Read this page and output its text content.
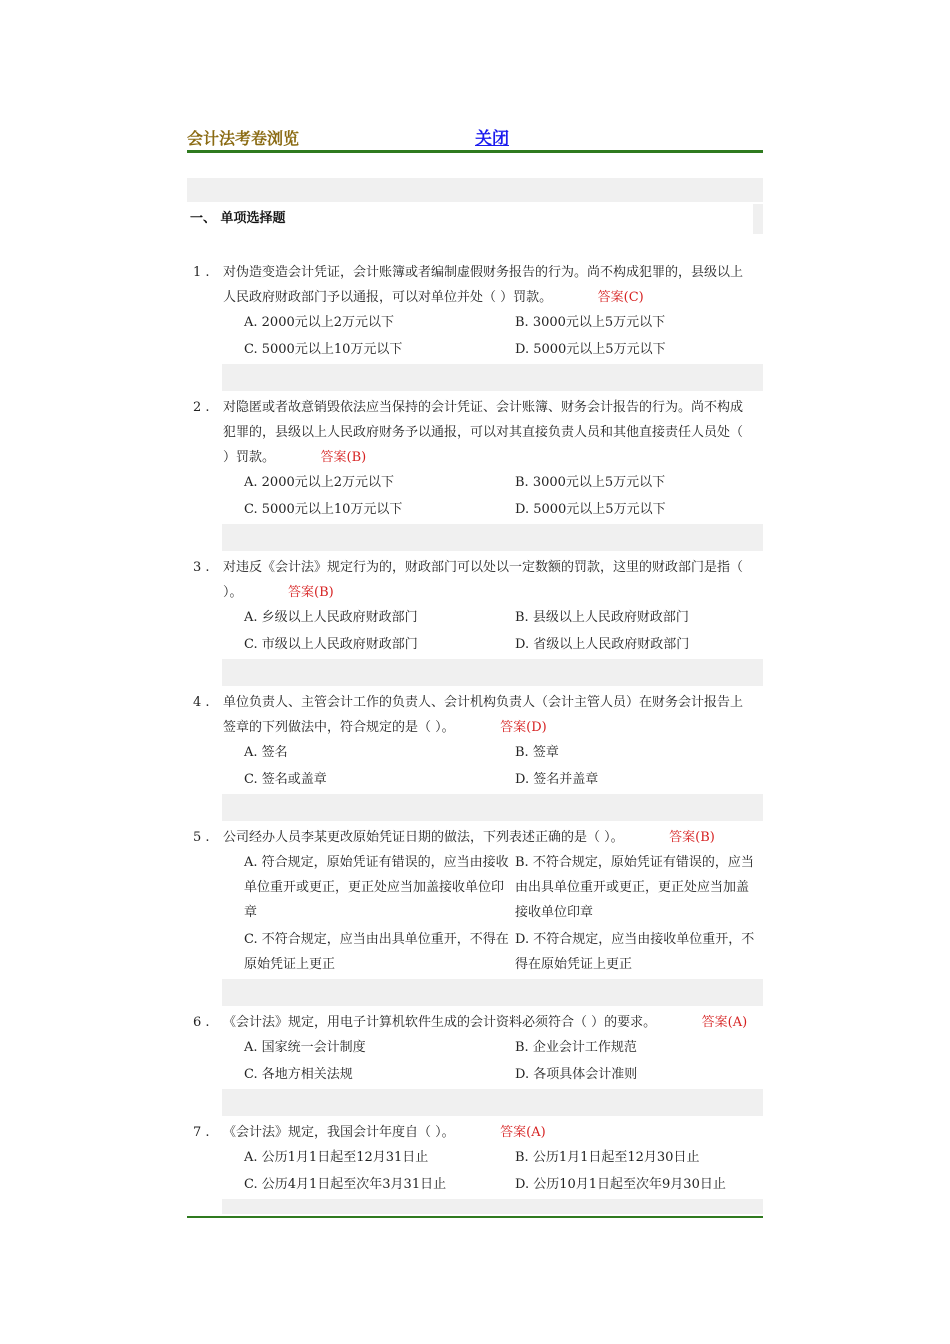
会计法考卷浏览	关闭
一、 单项选择题
1 . 对伪造变造会计凭证，会计账簿或者编制虚假财务报告的行为。尚不构成犯罪的，县级以上人民政府财政部门予以通报，可以对单位并处（ ）罚款。　　　　	答案(C)
A. 2000元以上2万元以下	B. 3000元以上5万元以下
C. 5000元以上10万元以下	D. 5000元以上5万元以下
2 . 对隐匿或者故意销毁依法应当保持的会计凭证、会计账簿、财务会计报告的行为。尚不构成犯罪的，县级以上人民政府财务予以通报，可以对其直接负责人员和其他直接责任人员处（ ）罚款。　　　　	答案(B)
A. 2000元以上2万元以下	B. 3000元以上5万元以下
C. 5000元以上10万元以下	D. 5000元以上5万元以下
3 . 对违反《会计法》规定行为的，财政部门可以处以一定数额的罚款，这里的财政部门是指（ ）。　　　　	答案(B)
A. 乡级以上人民政府财政部门	B. 县级以上人民政府财政部门
C. 市级以上人民政府财政部门	D. 省级以上人民政府财政部门
4 . 单位负责人、主管会计工作的负责人、会计机构负责人（会计主管人员）在财务会计报告上签章的下列做法中，符合规定的是（ ）。　　　　	答案(D)
A. 签名	B. 签章
C. 签名或盖章	D. 签名并盖章
5 . 公司经办人员李某更改原始凭证日期的做法，下列表述正确的是（ ）。　　　　	答案(B)
A. 符合规定，原始凭证有错误的，应当由接收单位重开或更正，更正处应当加盖接收单位印章
B. 不符合规定，原始凭证有错误的，应当由出具单位重开或更正，更正处应当加盖接收单位印章
C. 不符合规定，应当由出具单位重开，不得在原始凭证上更正
D. 不符合规定，应当由接收单位重开，不得在原始凭证上更正
6 . 《会计法》规定，用电子计算机软件生成的会计资料必须符合（ ）的要求。　　　　	答案(A)
A. 国家统一会计制度	B. 企业会计工作规范
C. 各地方相关法规	D. 各项具体会计准则
7 . 《会计法》规定，我国会计年度自（ ）。　　　　	答案(A)
A. 公历1月1日起至12月31日止	B. 公历1月1日起至12月30日止
C. 公历4月1日起至次年3月31日止	D. 公历10月1日起至次年9月30日止
